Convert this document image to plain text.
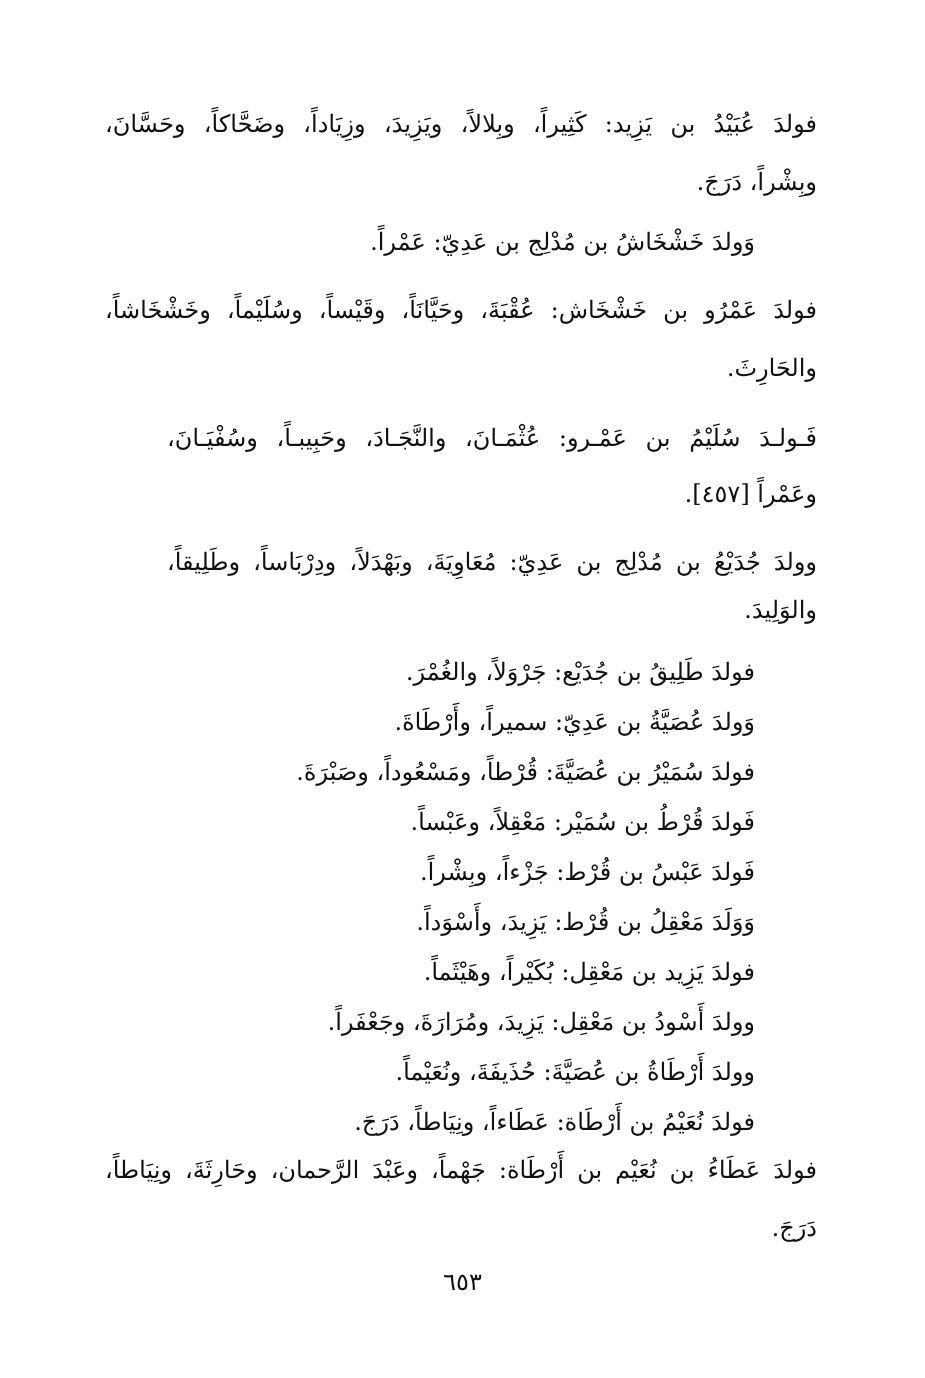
فولدَ عُبَيْدُ بن يَزِيد: كَثِيراً، وبِلالاً، ويَزِيدَ، وزِيَاداً، وضَحَّاكاً، وحَسَّانَ،
وبِشْراً، دَرَجَ.
وَولدَ خَشْخَاشُ بن مُدْلِج بن عَدِيّ: عَمْراً.
فولدَ عَمْرُو بن خَشْخَاش: عُقْبَةَ، وحَيَّانَاً، وقَيْساً، وسُلَيْماً، وخَشْخَاشاً،
والحَارِثَ.
فَـولـدَ سُلَيْمُ بن عَمْـرو: عُثْمَـانَ، والنَّجَـادَ، وحَبِيبـاً، وسُفْيَـانَ،
وعَمْراً [٤٥٧].
وولدَ جُدَيْعُ بن مُدْلِج بن عَدِيّ: مُعَاوِيَةَ، وبَهْدَلاً، ودِرْبَاساً، وطَلِيقاً،
والوَلِيدَ.
فولدَ طَلِيقُ بن جُدَيْع: جَرْوَلاً، والغُمْرَ.
وَولدَ عُصَيَّةُ بن عَدِيّ: سميراً، وأَرْطَاةَ.
فولدَ سُمَيْرُ بن عُصَيَّةَ: قُرْطاً، ومَسْعُوداً، وصَبْرَةَ.
فَولدَ قُرْطُ بن سُمَيْر: مَعْقِلاً، وعَبْساً.
فَولدَ عَبْسُ بن قُرْط: جَزْءاً، وبِشْراً.
وَوَلَدَ مَعْقِلُ بن قُرْط: يَزِيدَ، وأَسْوَداً.
فولدَ يَزِيد بن مَعْقِل: بُكَيْراً، وهَيْثَماً.
وولدَ أَسْودُ بن مَعْقِل: يَزِيدَ، ومُرَارَةَ، وجَعْفَراً.
وولدَ أَرْطَاةُ بن عُصَيَّةَ: حُذَيفَةَ، ونُعَيْماً.
فولدَ نُعَيْمُ بن أَرْطَاة: عَطَاءاً، ونِيَاطاً، دَرَجَ.
فولدَ عَطَاءُ بن نُعَيْم بن أَرْطَاة: جَهْماً، وعَبْدَ الرَّحمان، وحَارِثَةَ، ونِيَاطاً،
دَرَجَ.
٦٥٣
